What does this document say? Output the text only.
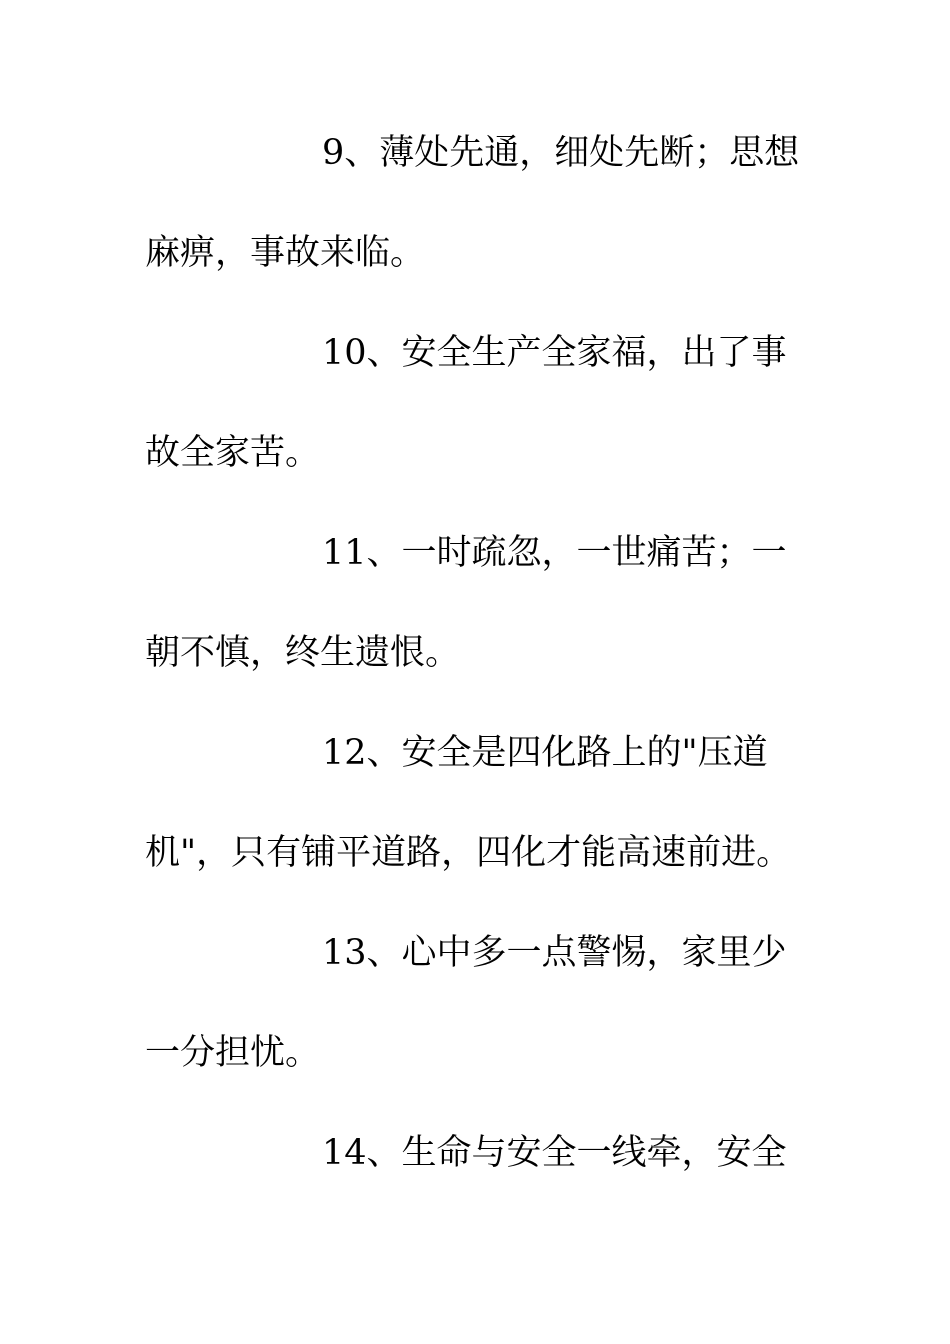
9、薄处先通，细处先断；思想
麻痹，事故来临。
10、安全生产全家福，出了事
故全家苦。
11、一时疏忽，一世痛苦；一
朝不慎，终生遗恨。
12、安全是四化路上的"压道
机"，只有铺平道路，四化才能高速前进。
13、心中多一点警惕，家里少
一分担忧。
14、生命与安全一线牵，安全
